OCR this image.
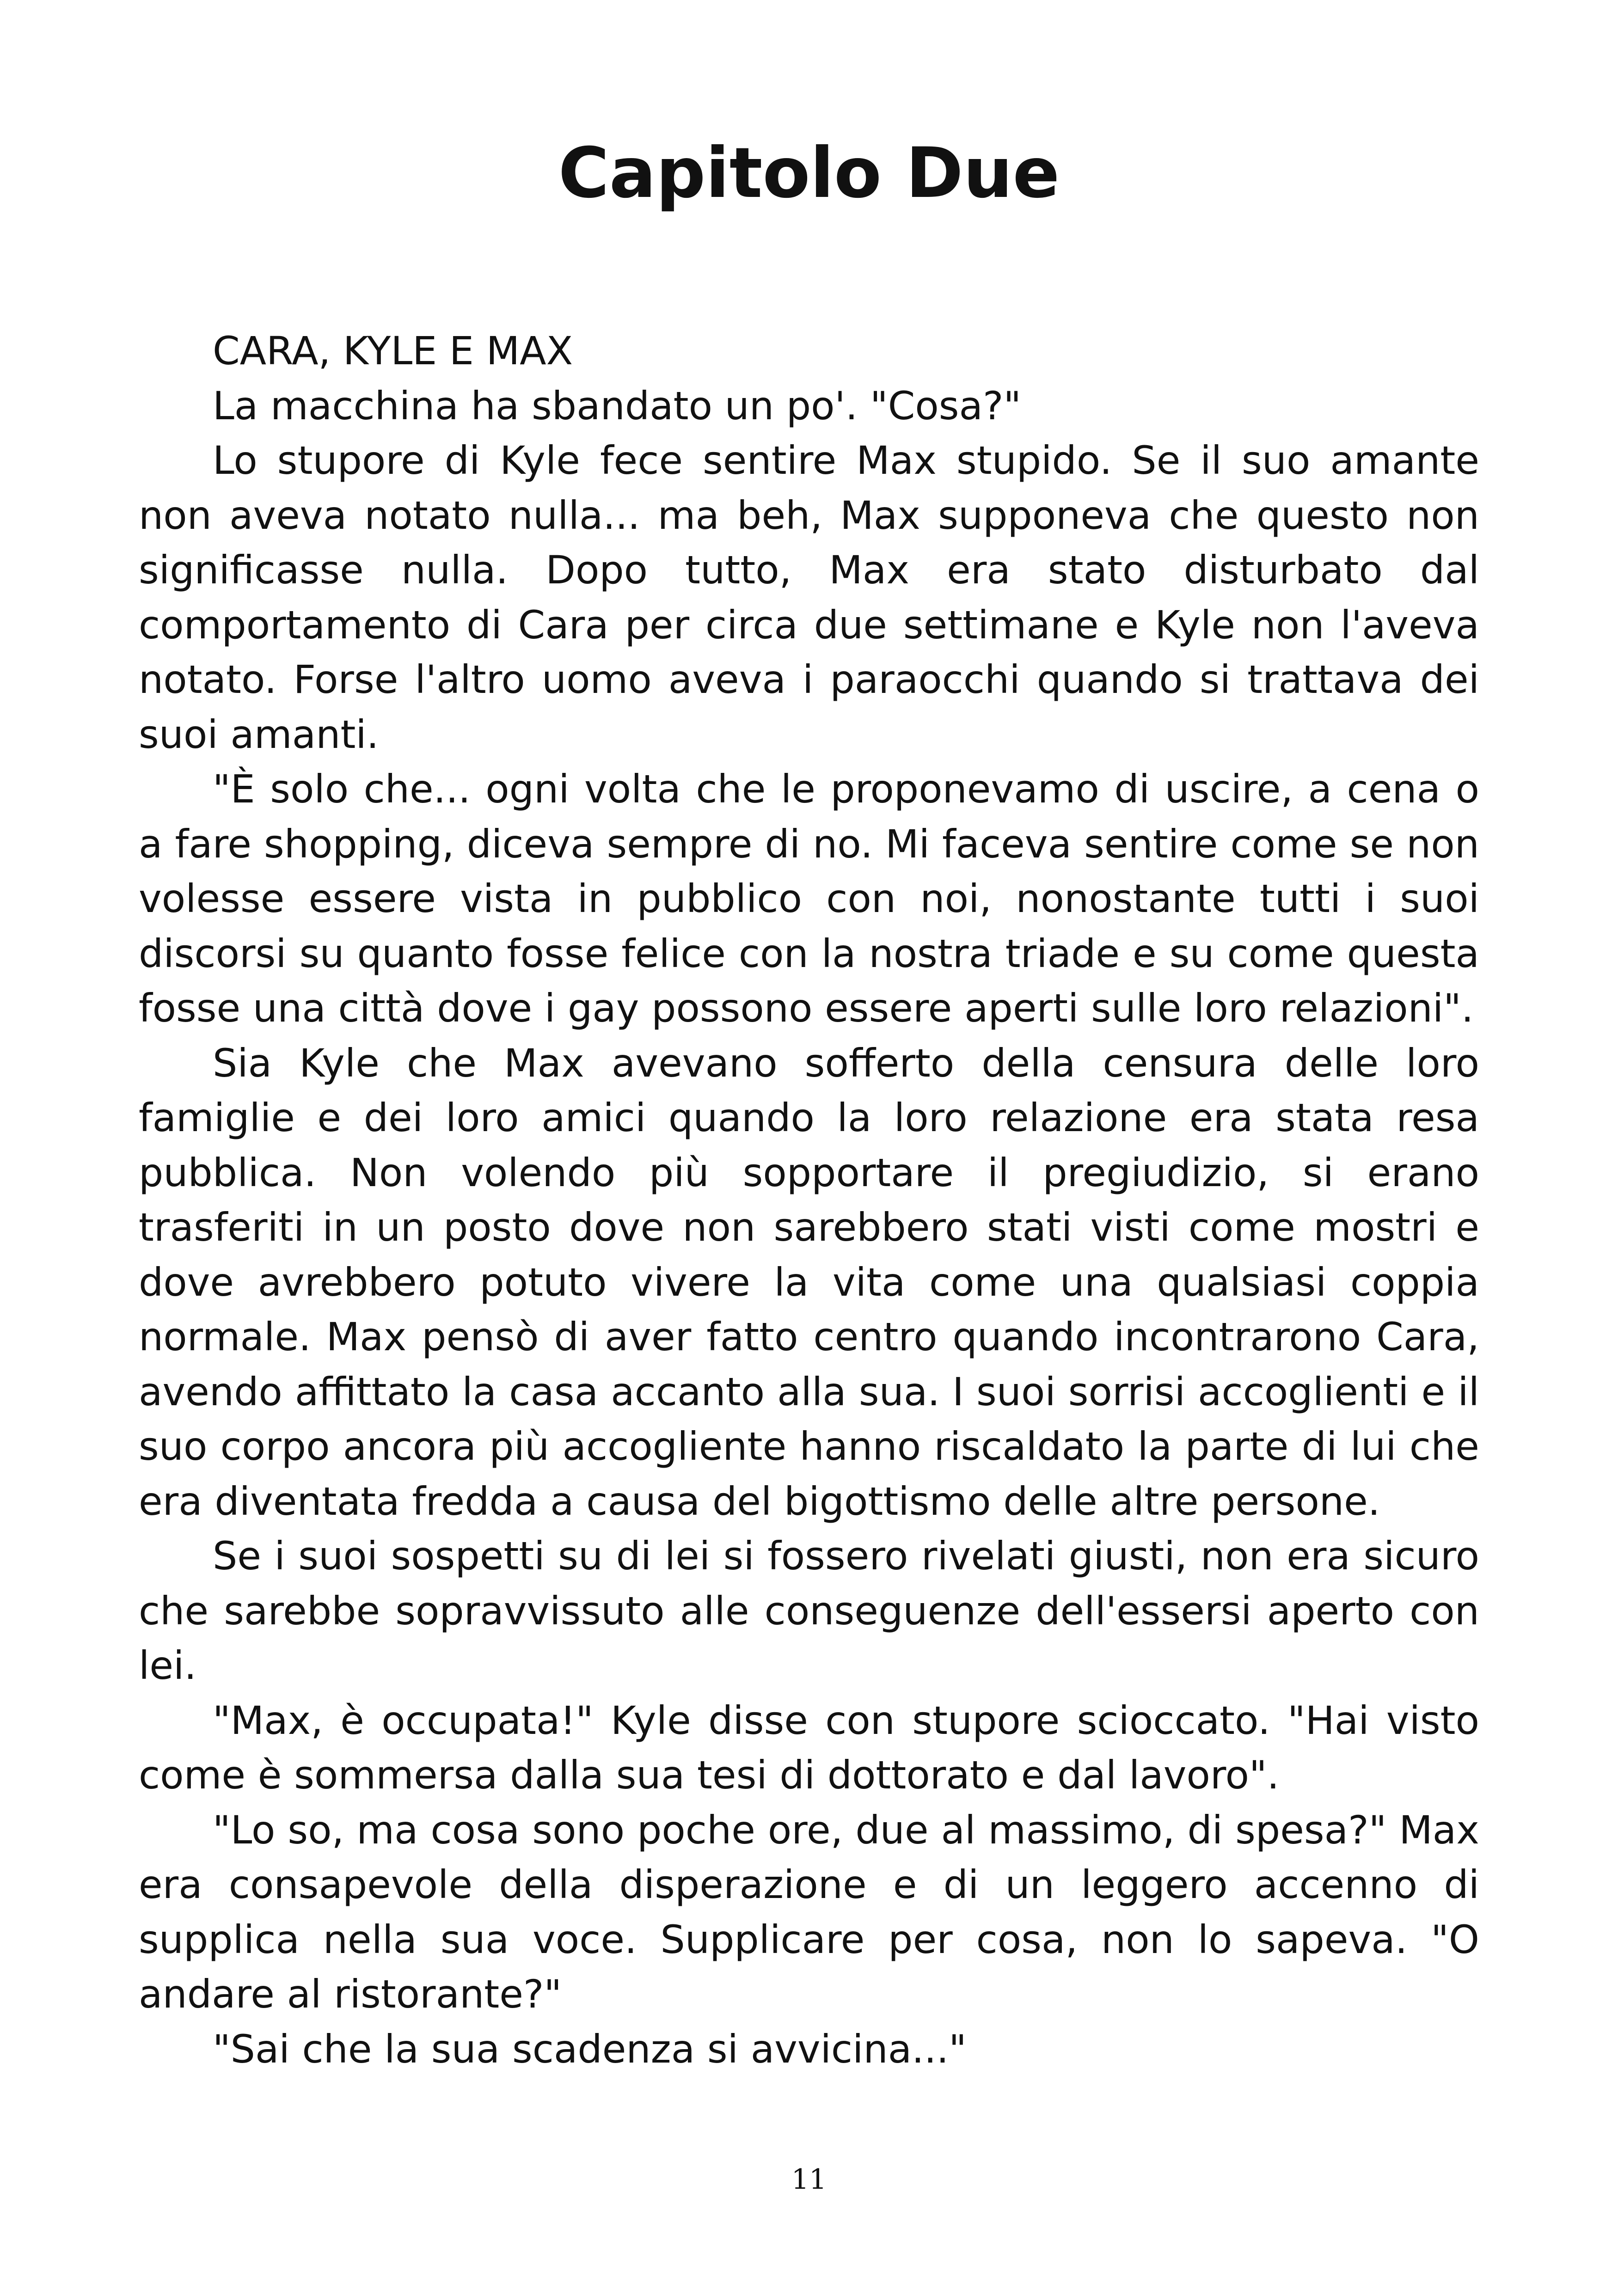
Capitolo Due

CARA, KYLE E MAX

La macchina ha sbandato un po'. "Cosa?"

Lo stupore di Kyle fece sentire Max stupido. Se il suo amante non aveva notato nulla... ma beh, Max supponeva che questo non significasse nulla. Dopo tutto, Max era stato disturbato dal comportamento di Cara per circa due settimane e Kyle non l'aveva notato. Forse l'altro uomo aveva i paraocchi quando si trattava dei suoi amanti.

"È solo che... ogni volta che le proponevamo di uscire, a cena o a fare shopping, diceva sempre di no. Mi faceva sentire come se non volesse essere vista in pubblico con noi, nonostante tutti i suoi discorsi su quanto fosse felice con la nostra triade e su come questa fosse una città dove i gay possono essere aperti sulle loro relazioni".

Sia Kyle che Max avevano sofferto della censura delle loro famiglie e dei loro amici quando la loro relazione era stata resa pubblica. Non volendo più sopportare il pregiudizio, si erano trasferiti in un posto dove non sarebbero stati visti come mostri e dove avrebbero potuto vivere la vita come una qualsiasi coppia normale. Max pensò di aver fatto centro quando incontrarono Cara, avendo affittato la casa accanto alla sua. I suoi sorrisi accoglienti e il suo corpo ancora più accogliente hanno riscaldato la parte di lui che era diventata fredda a causa del bigottismo delle altre persone.

Se i suoi sospetti su di lei si fossero rivelati giusti, non era sicuro che sarebbe sopravvissuto alle conseguenze dell'essersi aperto con lei.

"Max, è occupata!" Kyle disse con stupore scioccato. "Hai visto come è sommersa dalla sua tesi di dottorato e dal lavoro".

"Lo so, ma cosa sono poche ore, due al massimo, di spesa?" Max era consapevole della disperazione e di un leggero accenno di supplica nella sua voce. Supplicare per cosa, non lo sapeva. "O andare al ristorante?"

"Sai che la sua scadenza si avvicina..."

11
